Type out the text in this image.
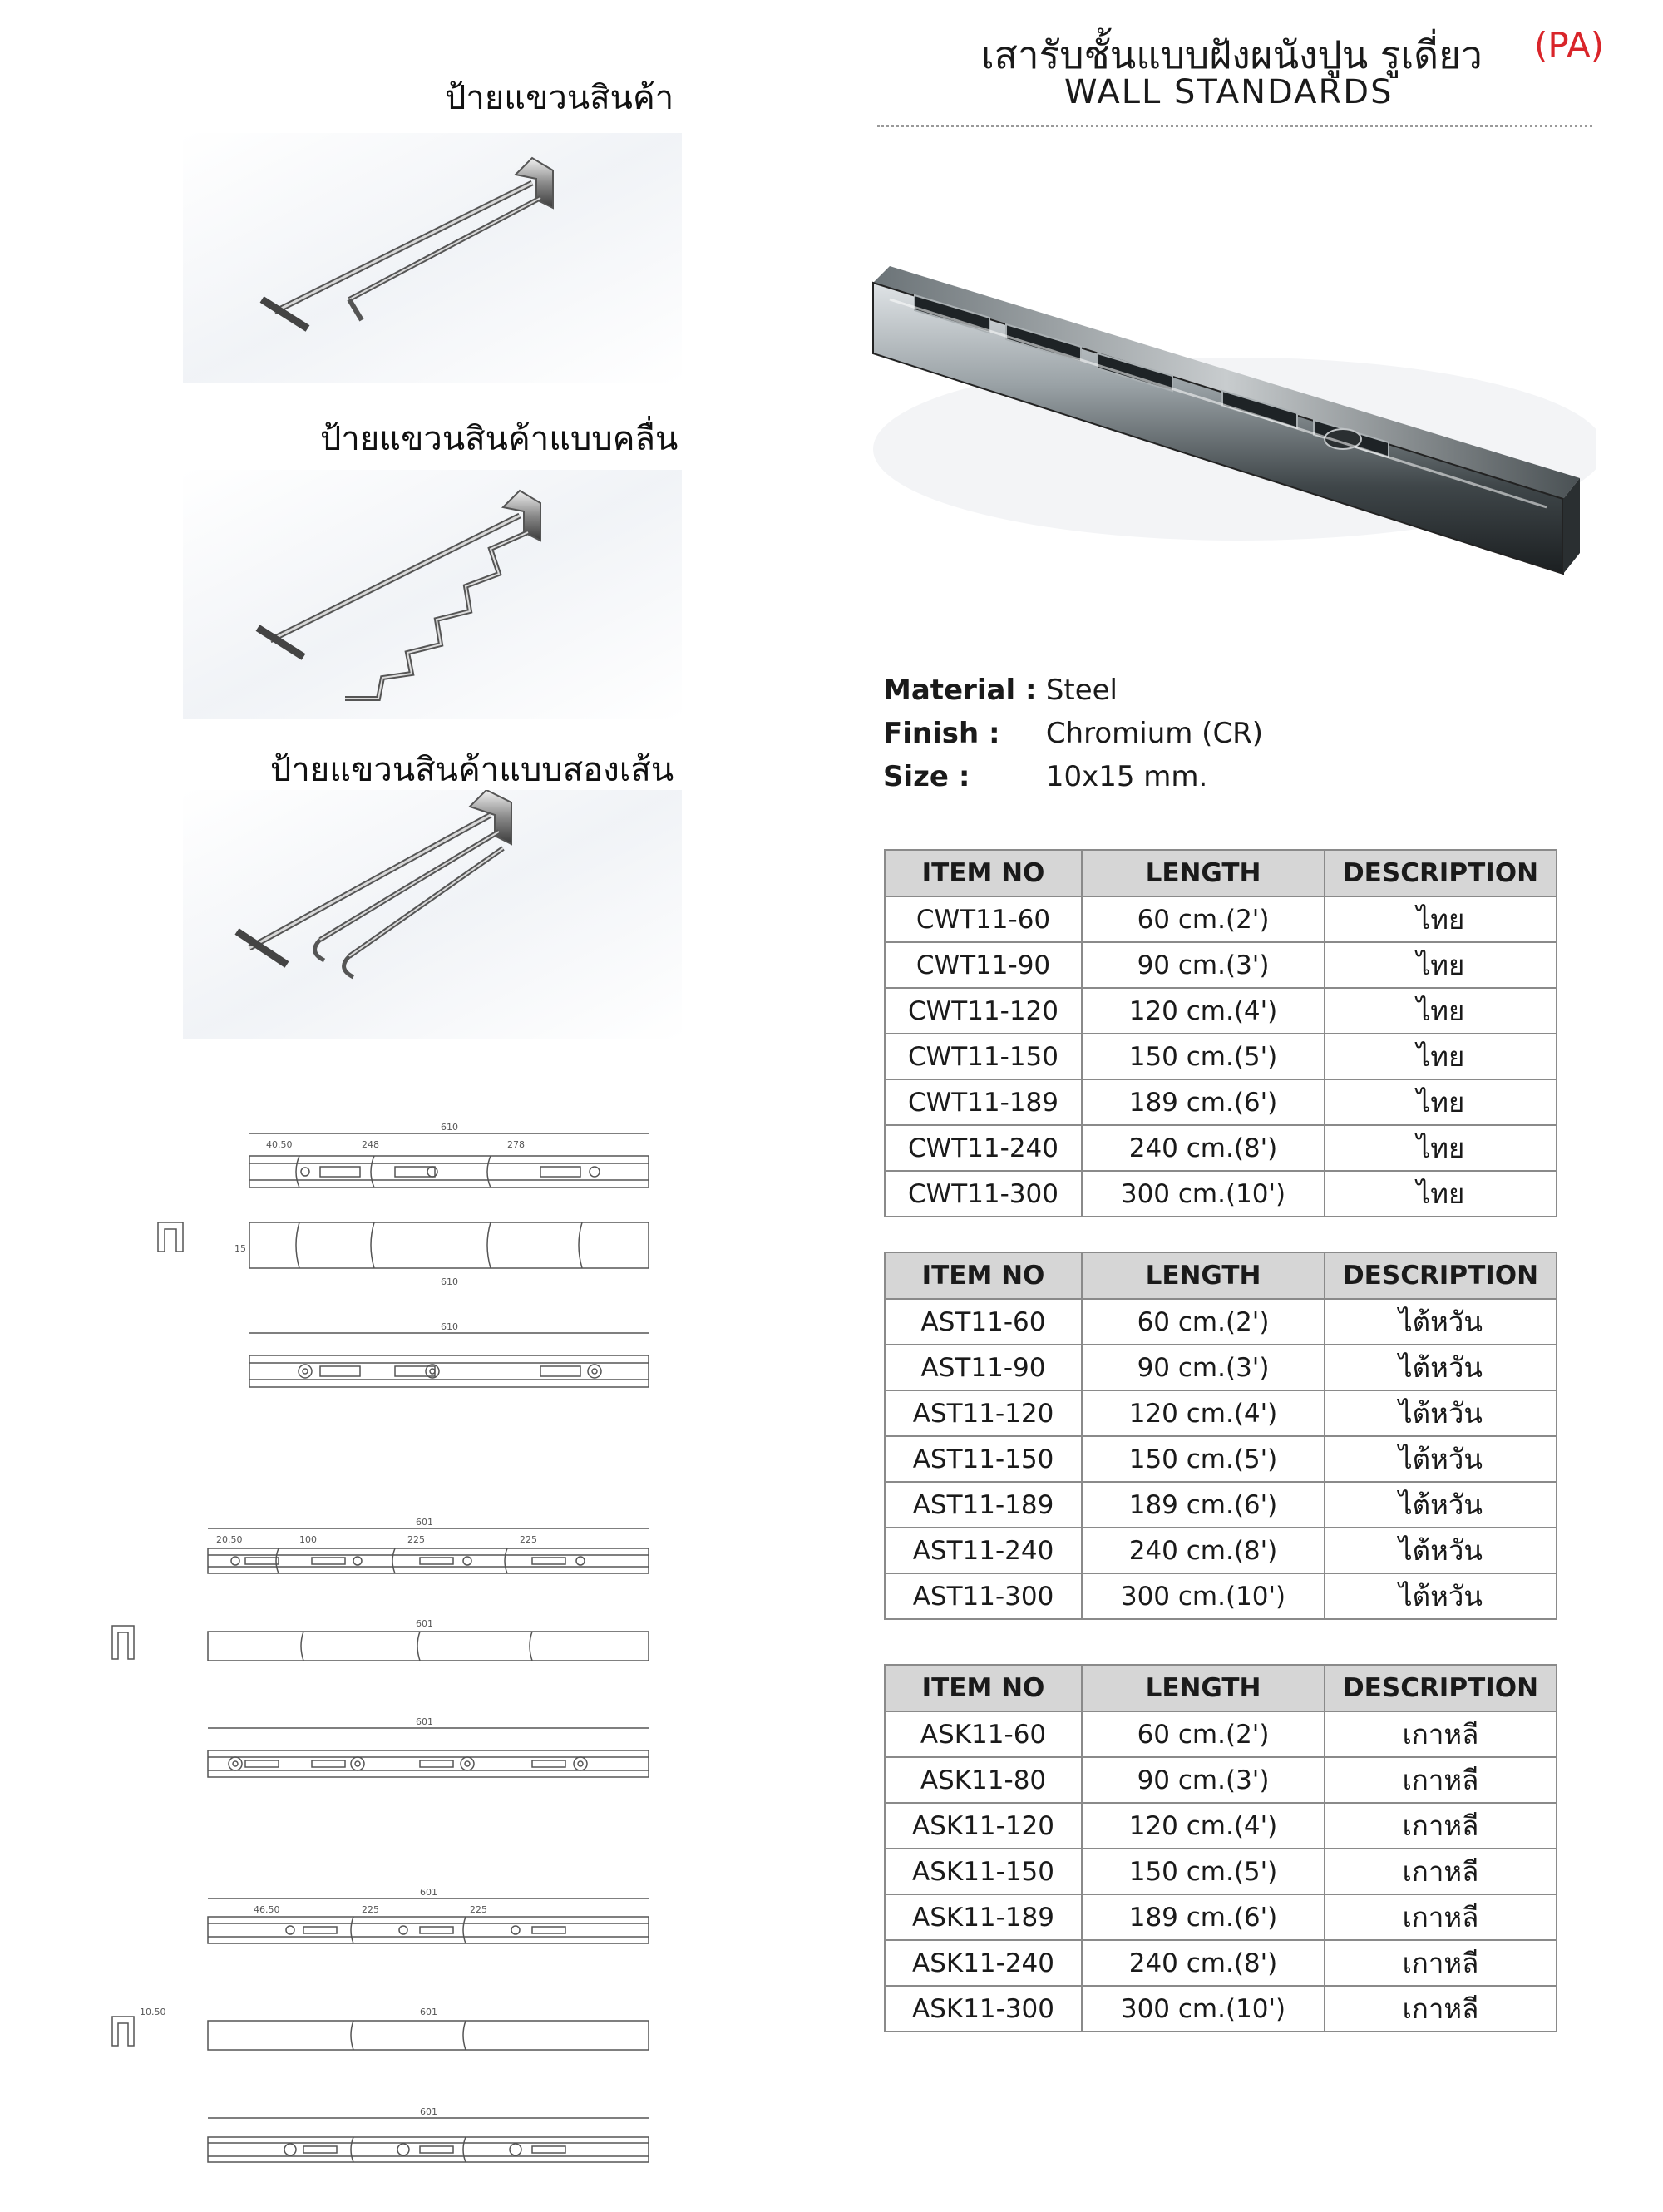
เสารับชั้นแบบฝังผนังปูน รูเดี่ยว
WALL STANDARDS
(PA)
ป้ายแขวนสินค้า
ป้ายแขวนสินค้าแบบคลื่น
ป้ายแขวนสินค้าแบบสองเส้น
Material : Steel
Finish : Chromium (CR)
Size :	10x15 mm.
ITEM NO	LENGTH	DESCRIPTION
CWT11-60	60 cm.(2')	ไทย
CWT11-90	90 cm.(3')	ไทย
CWT11-120	120 cm.(4')	ไทย
CWT11-150	150 cm.(5')	ไทย
CWT11-189	189 cm.(6')	ไทย
CWT11-240	240 cm.(8')	ไทย
CWT11-300	300 cm.(10')	ไทย
ITEM NO	LENGTH	DESCRIPTION
AST11-60	60 cm.(2')	ไต้หวัน
AST11-90	90 cm.(3')	ไต้หวัน
AST11-120	120 cm.(4')	ไต้หวัน
AST11-150	150 cm.(5')	ไต้หวัน
AST11-189	189 cm.(6')	ไต้หวัน
AST11-240	240 cm.(8')	ไต้หวัน
AST11-300	300 cm.(10')	ไต้หวัน
ITEM NO	LENGTH	DESCRIPTION
ASK11-60	60 cm.(2')	เกาหลี
ASK11-80	90 cm.(3')	เกาหลี
ASK11-120	120 cm.(4')	เกาหลี
ASK11-150	150 cm.(5')	เกาหลี
ASK11-189	189 cm.(6')	เกาหลี
ASK11-240	240 cm.(8')	เกาหลี
ASK11-300	300 cm.(10')	เกาหลี
610
40.50	248	278
610
15
610
601
20.50	100	225	225
601
601
601
46.50	225	225
10.50	601
601
